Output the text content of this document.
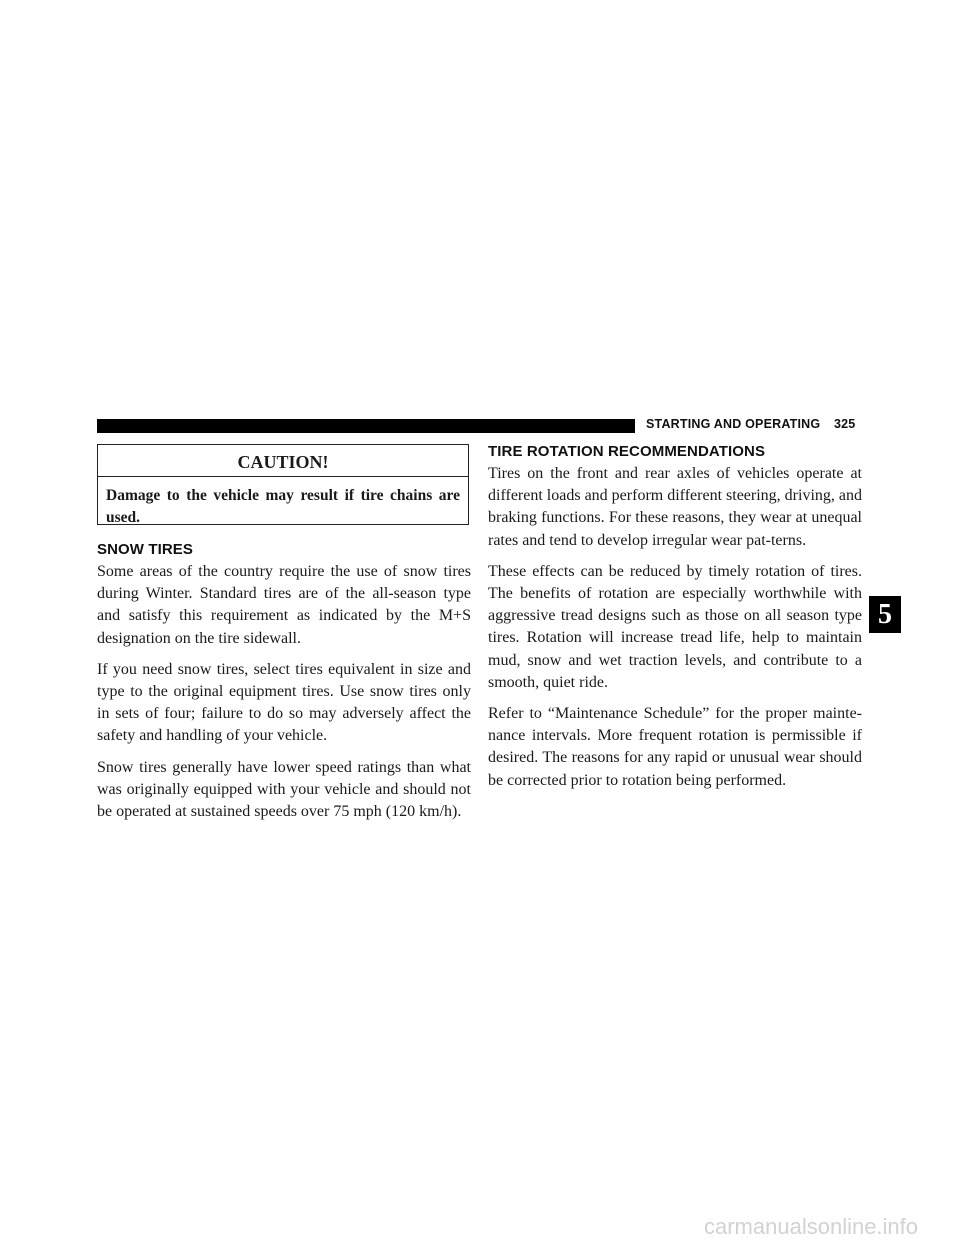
STARTING AND OPERATING 325
CAUTION!
Damage to the vehicle may result if tire chains are used.
SNOW TIRES

Some areas of the country require the use of snow tires during Winter. Standard tires are of the all-season type and satisfy this requirement as indicated by the M+S designation on the tire sidewall.

If you need snow tires, select tires equivalent in size and type to the original equipment tires. Use snow tires only in sets of four; failure to do so may adversely affect the safety and handling of your vehicle.

Snow tires generally have lower speed ratings than what was originally equipped with your vehicle and should not be operated at sustained speeds over 75 mph (120 km/h).

TIRE ROTATION RECOMMENDATIONS

Tires on the front and rear axles of vehicles operate at different loads and perform different steering, driving, and braking functions. For these reasons, they wear at unequal rates and tend to develop irregular wear pat-terns.

These effects can be reduced by timely rotation of tires. The benefits of rotation are especially worthwhile with aggressive tread designs such as those on all season type tires. Rotation will increase tread life, help to maintain mud, snow and wet traction levels, and contribute to a smooth, quiet ride.

Refer to “Maintenance Schedule” for the proper mainte-nance intervals. More frequent rotation is permissible if desired. The reasons for any rapid or unusual wear should be corrected prior to rotation being performed.

5
carmanualsonline.info
